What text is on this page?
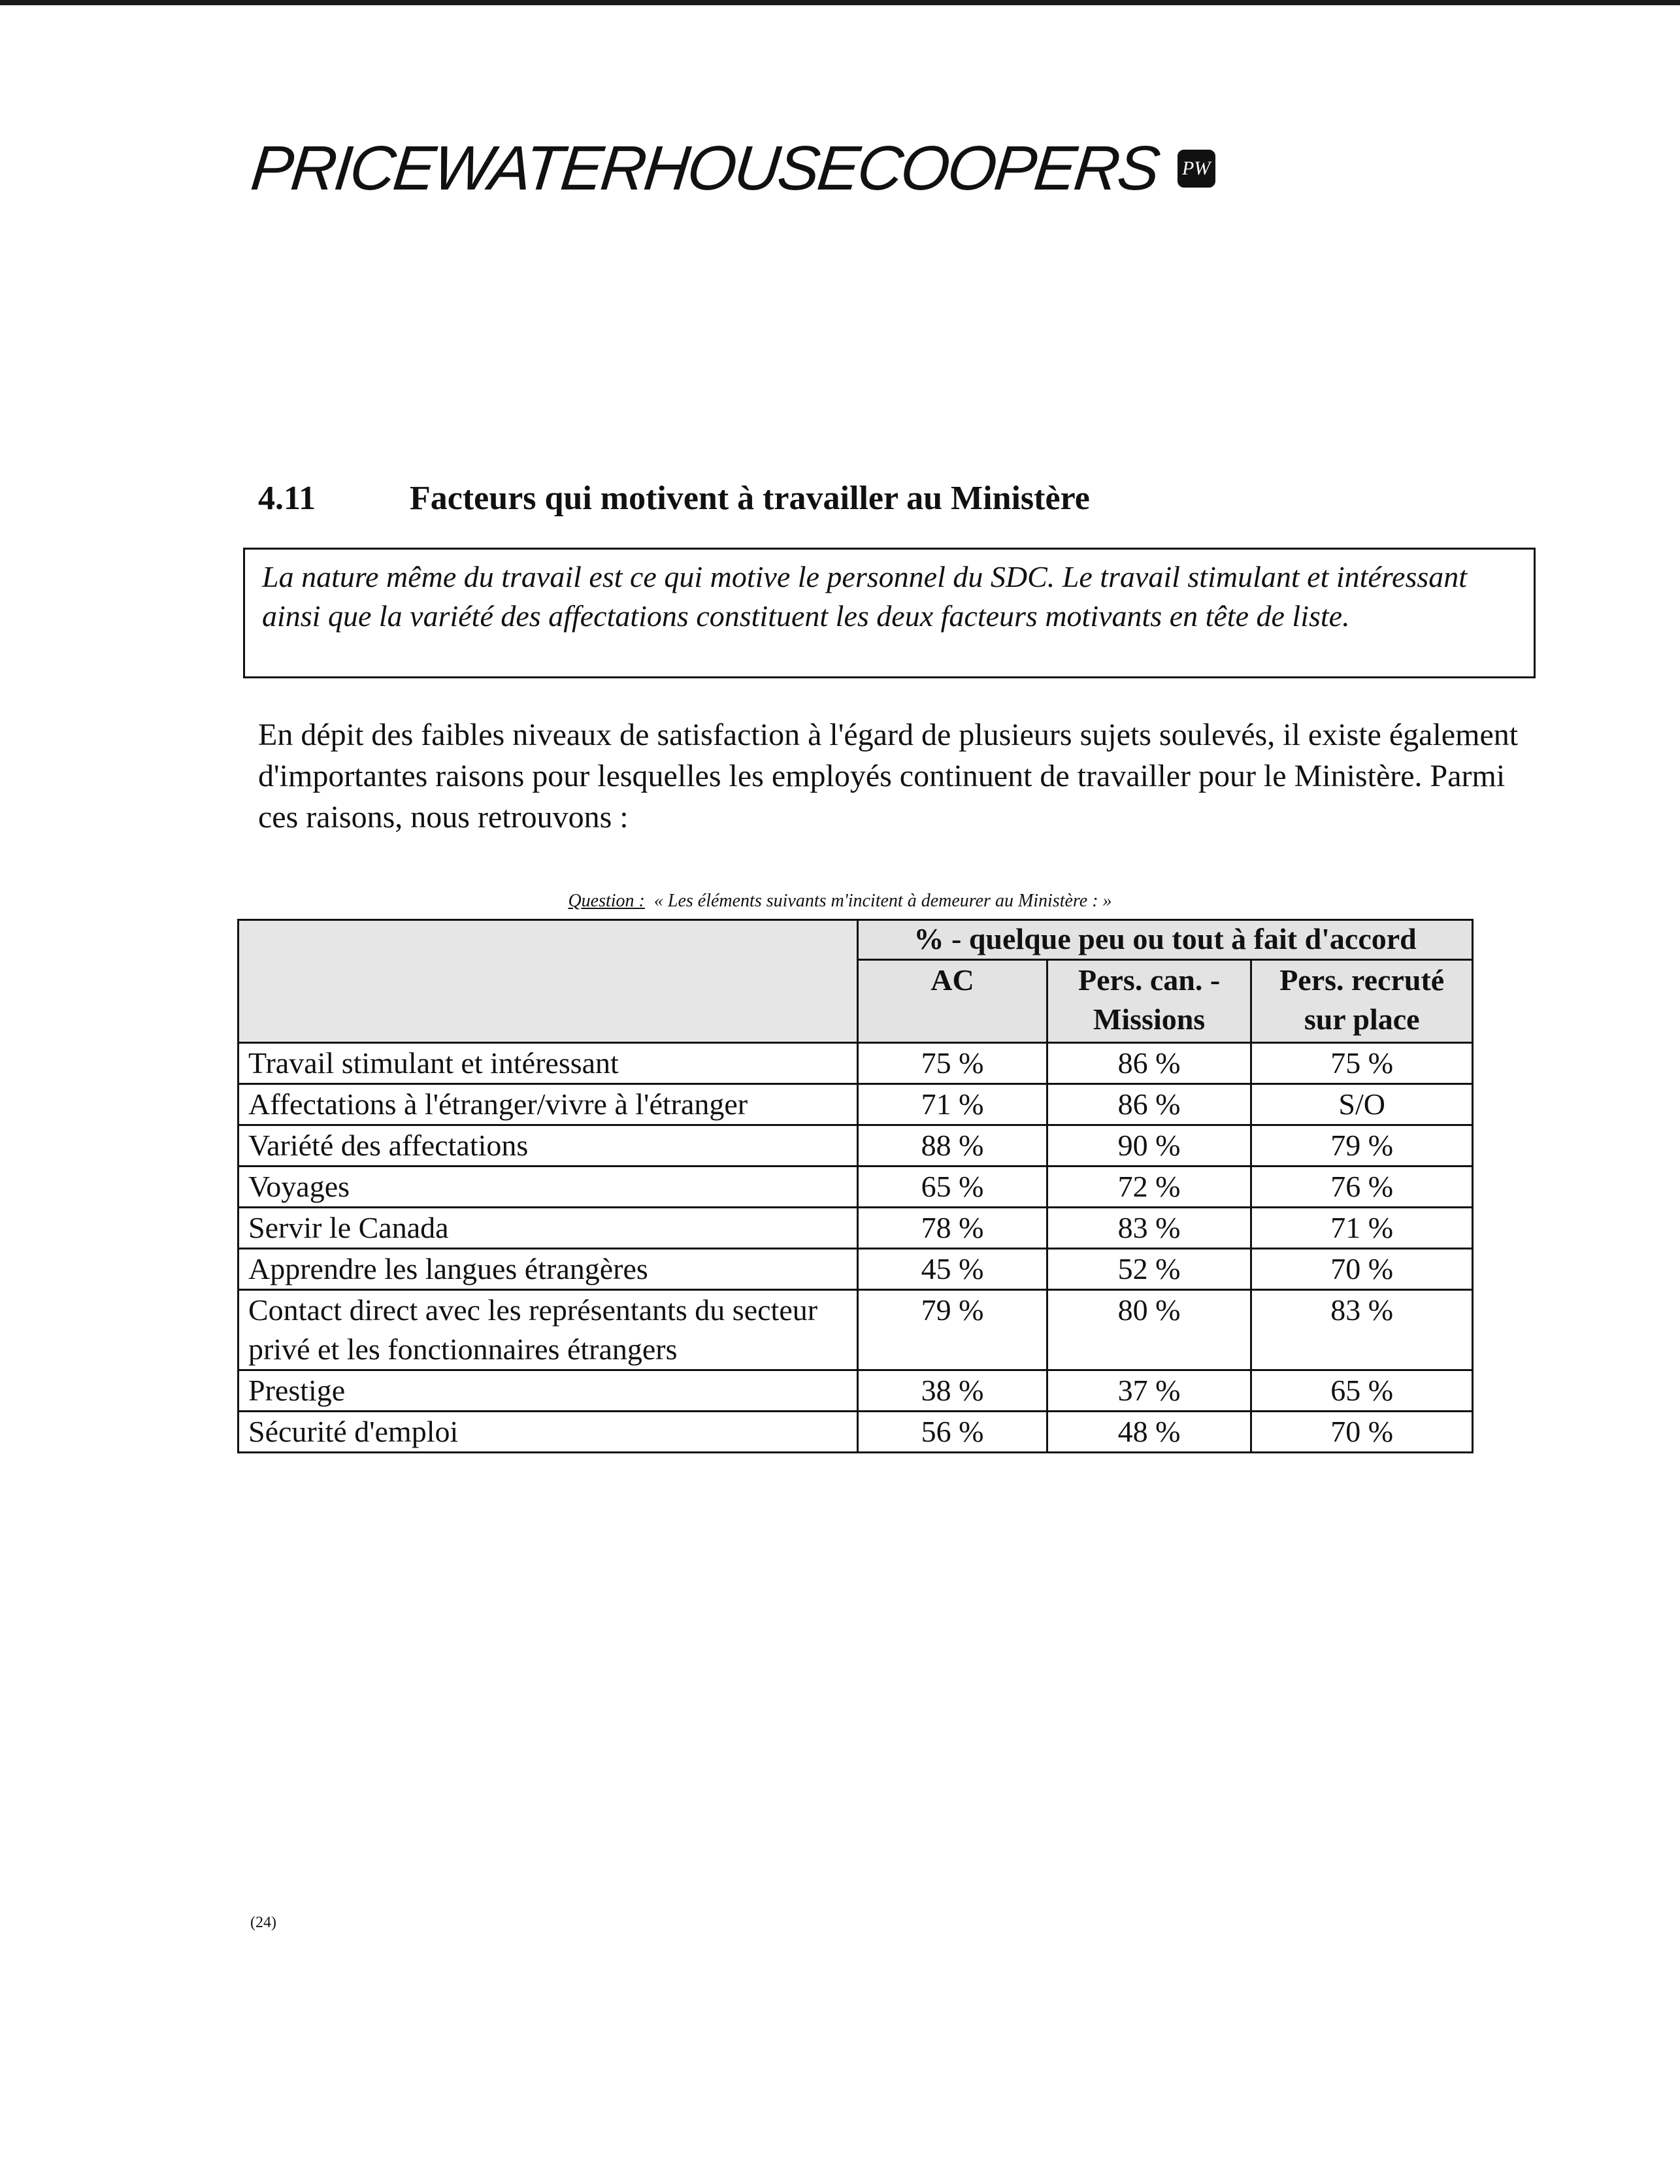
PRICEWATERHOUSECOOPERS PW
4.11	Facteurs qui motivent à travailler au Ministère
La nature même du travail est ce qui motive le personnel du SDC. Le travail stimulant et intéressant ainsi que la variété des affectations constituent les deux facteurs motivants en tête de liste.
En dépit des faibles niveaux de satisfaction à l'égard de plusieurs sujets soulevés, il existe également d'importantes raisons pour lesquelles les employés continuent de travailler pour le Ministère. Parmi ces raisons, nous retrouvons :
Question : « Les éléments suivants m'incitent à demeurer au Ministère : »
	% - quelque peu ou tout à fait d'accord		
	AC	Pers. can. - Missions	Pers. recruté sur place
Travail stimulant et intéressant	75 %	86 %	75 %
Affectations à l'étranger/vivre à l'étranger	71 %	86 %	S/O
Variété des affectations	88 %	90 %	79 %
Voyages	65 %	72 %	76 %
Servir le Canada	78 %	83 %	71 %
Apprendre les langues étrangères	45 %	52 %	70 %
Contact direct avec les représentants du secteur privé et les fonctionnaires étrangers	79 %	80 %	83 %
Prestige	38 %	37 %	65 %
Sécurité d'emploi	56 %	48 %	70 %
(24)
